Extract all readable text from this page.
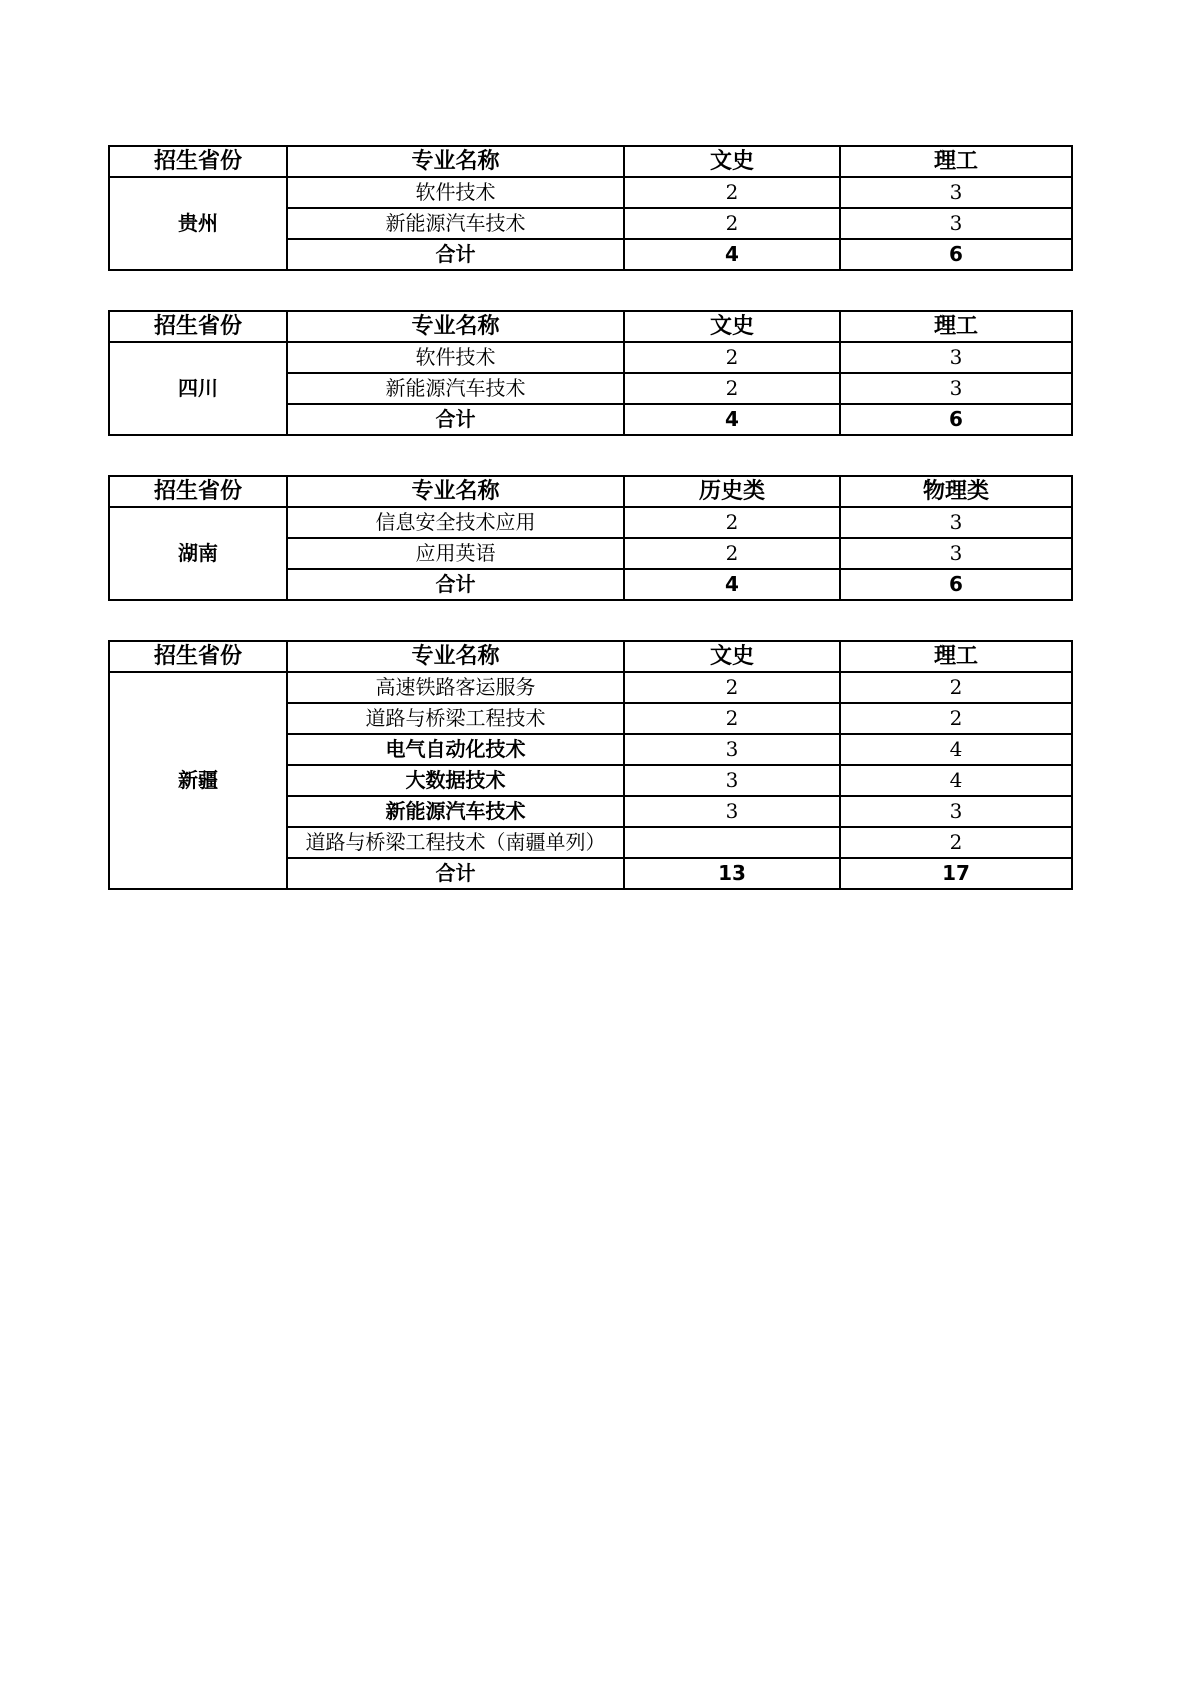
招生省份	专业名称	文史	理工
贵州	软件技术	2	3
	新能源汽车技术	2	3
	合计	4	6
招生省份	专业名称	文史	理工
四川	软件技术	2	3
	新能源汽车技术	2	3
	合计	4	6
招生省份	专业名称	历史类	物理类
湖南	信息安全技术应用	2	3
	应用英语	2	3
	合计	4	6
招生省份	专业名称	文史	理工
新疆	高速铁路客运服务	2	2
	道路与桥梁工程技术	2	2
	电气自动化技术	3	4
	大数据技术	3	4
	新能源汽车技术	3	3
	道路与桥梁工程技术（南疆单列）		2
	合计	13	17
